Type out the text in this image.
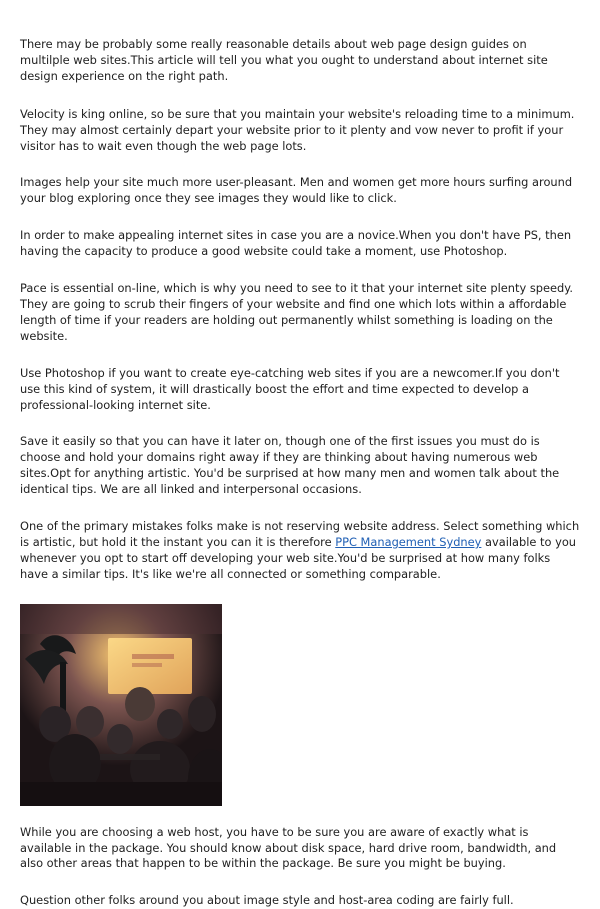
There may be probably some really reasonable details about web page design guides on multilple web sites.This article will tell you what you ought to understand about internet site design experience on the right path.

Velocity is king online, so be sure that you maintain your website's reloading time to a minimum. They may almost certainly depart your website prior to it plenty and vow never to profit if your visitor has to wait even though the web page lots.

Images help your site much more user-pleasant. Men and women get more hours surfing around your blog exploring once they see images they would like to click.

In order to make appealing internet sites in case you are a novice.When you don't have PS, then having the capacity to produce a good website could take a moment, use Photoshop.

Pace is essential on-line, which is why you need to see to it that your internet site plenty speedy. They are going to scrub their fingers of your website and find one which lots within a affordable length of time if your readers are holding out permanently whilst something is loading on the website.

Use Photoshop if you want to create eye-catching web sites if you are a newcomer.If you don't use this kind of system, it will drastically boost the effort and time expected to develop a professional-looking internet site.

Save it easily so that you can have it later on, though one of the first issues you must do is choose and hold your domains right away if they are thinking about having numerous web sites.Opt for anything artistic. You'd be surprised at how many men and women talk about the identical tips. We are all linked and interpersonal occasions.

One of the primary mistakes folks make is not reserving website address. Select something which is artistic, but hold it the instant you can it is therefore PPC Management Sydney available to you whenever you opt to start off developing your web site.You'd be surprised at how many folks have a similar tips. It's like we're all connected or something comparable.

While you are choosing a web host, you have to be sure you are aware of exactly what is available in the package. You should know about disk space, hard drive room, bandwidth, and also other areas that happen to be within the package. Be sure you might be buying.

Question other folks around you about image style and host-area coding are fairly full.
